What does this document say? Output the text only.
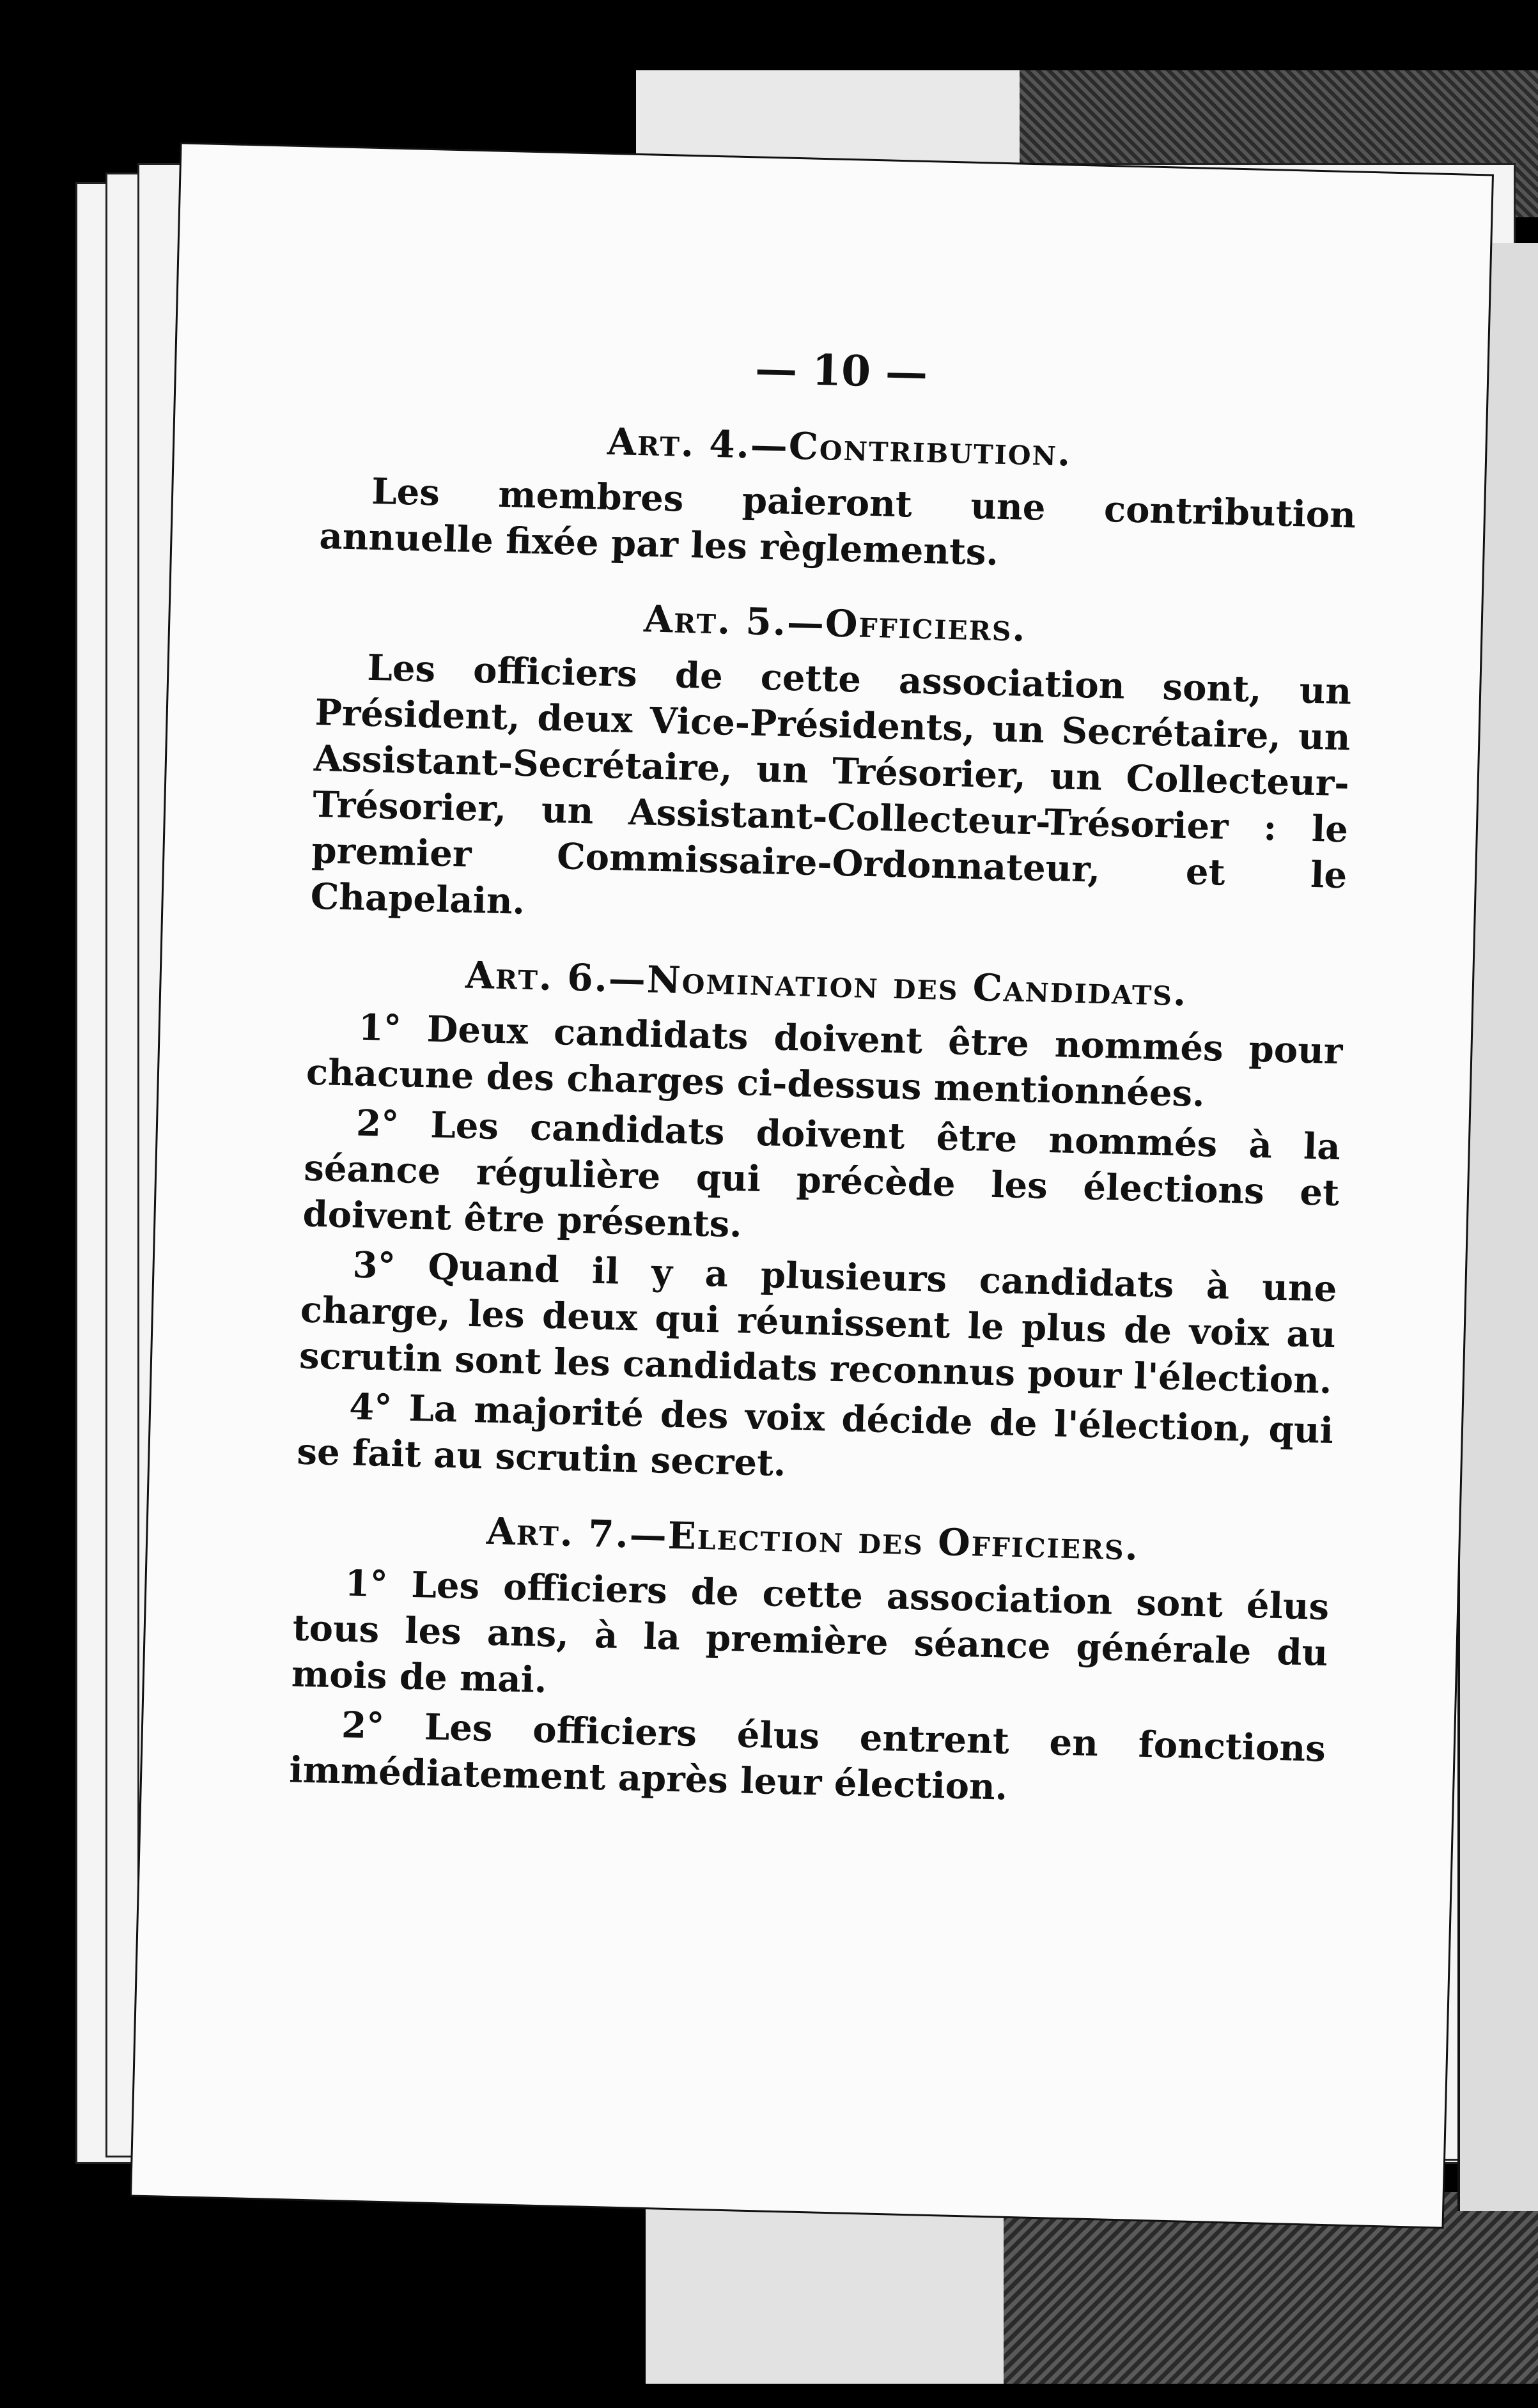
— 10 —
Art. 4.—Contribution.

Les membres paieront une contribution annuelle fixée par les règlements.

Art. 5.—Officiers.

Les officiers de cette association sont, un Président, deux Vice-Présidents, un Secrétaire, un Assistant-Secrétaire, un Trésorier, un Collecteur-Trésorier, un Assistant-Collecteur-Trésorier : le premier Commissaire-Ordonnateur, et le Chapelain.

Art. 6.—Nomination des Candidats.

1° Deux candidats doivent être nommés pour chacune des charges ci-dessus mentionnées.

2° Les candidats doivent être nommés à la séance régulière qui précède les élections et doivent être présents.

3° Quand il y a plusieurs candidats à une charge, les deux qui réunissent le plus de voix au scrutin sont les candidats reconnus pour l'élection.

4° La majorité des voix décide de l'élection, qui se fait au scrutin secret.

Art. 7.—Election des Officiers.

1° Les officiers de cette association sont élus tous les ans, à la première séance générale du mois de mai.

2° Les officiers élus entrent en fonctions immédiatement après leur élection.
